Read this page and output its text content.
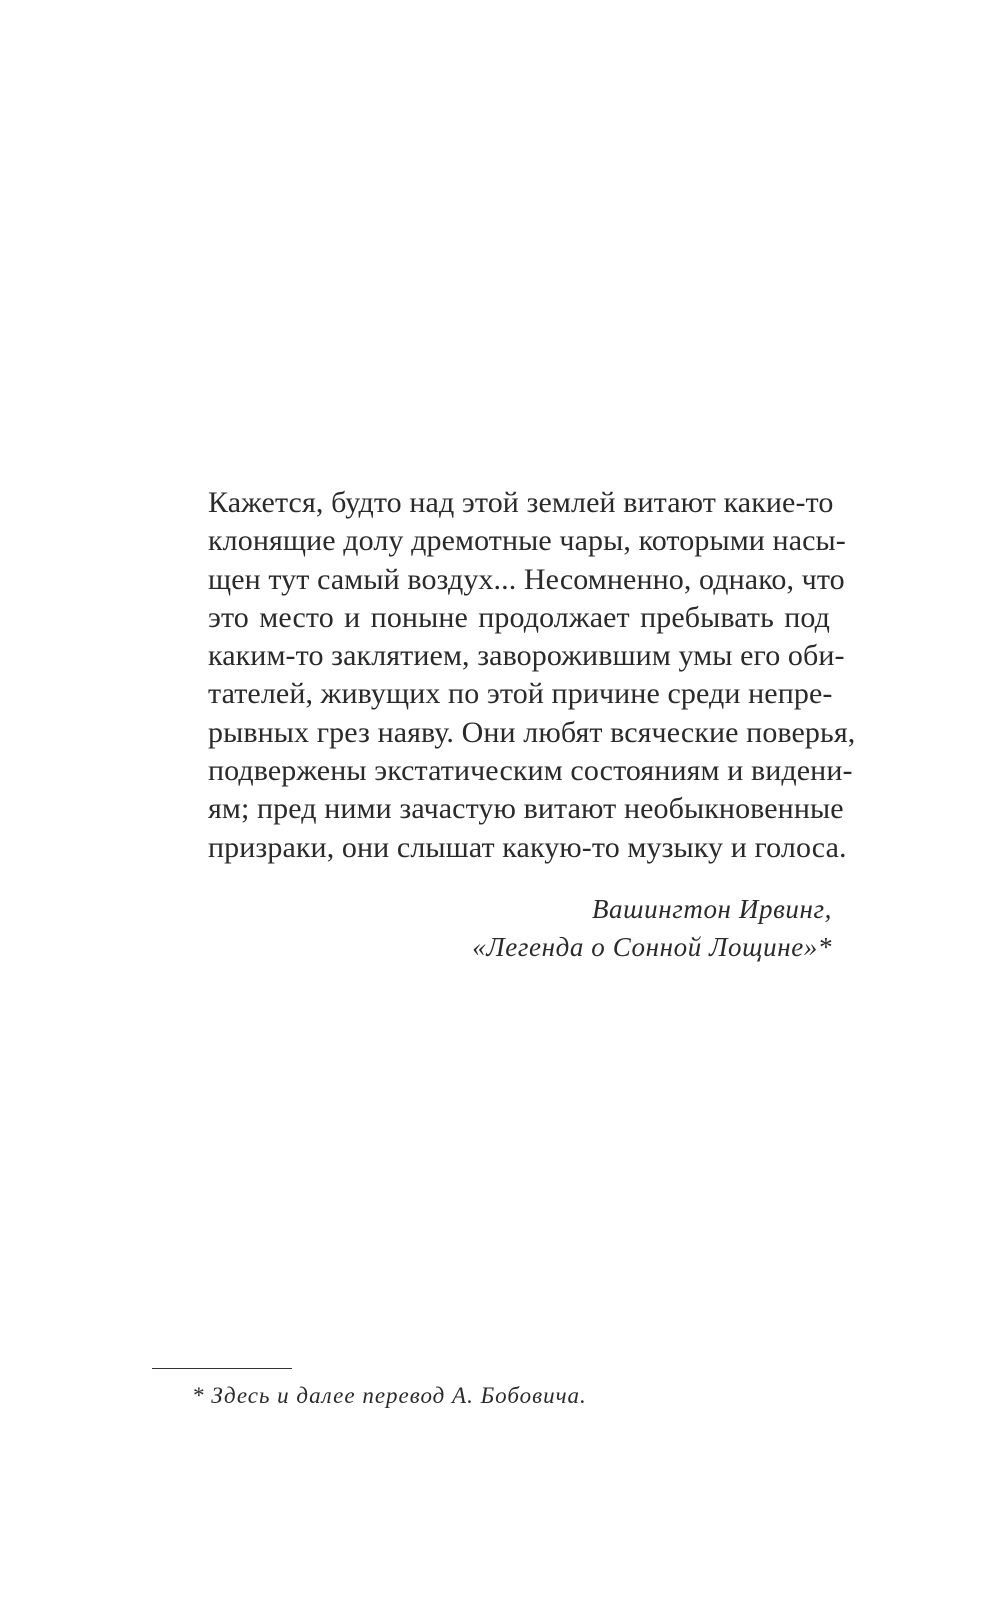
Кажется, будто над этой землей витают какие-то
клонящие долу дремотные чары, которыми насы-
щен тут самый воздух... Несомненно, однако, что
это место и поныне продолжает пребывать под
каким-то заклятием, заворожившим умы его оби-
тателей, живущих по этой причине среди непре-
рывных грез наяву. Они любят всяческие поверья,
подвержены экстатическим состояниям и видени-
ям; пред ними зачастую витают необыкновенные
призраки, они слышат какую-то музыку и голоса.
Вашингтон Ирвинг,
«Легенда о Сонной Лощине»*
* Здесь и далее перевод А. Бобовича.
